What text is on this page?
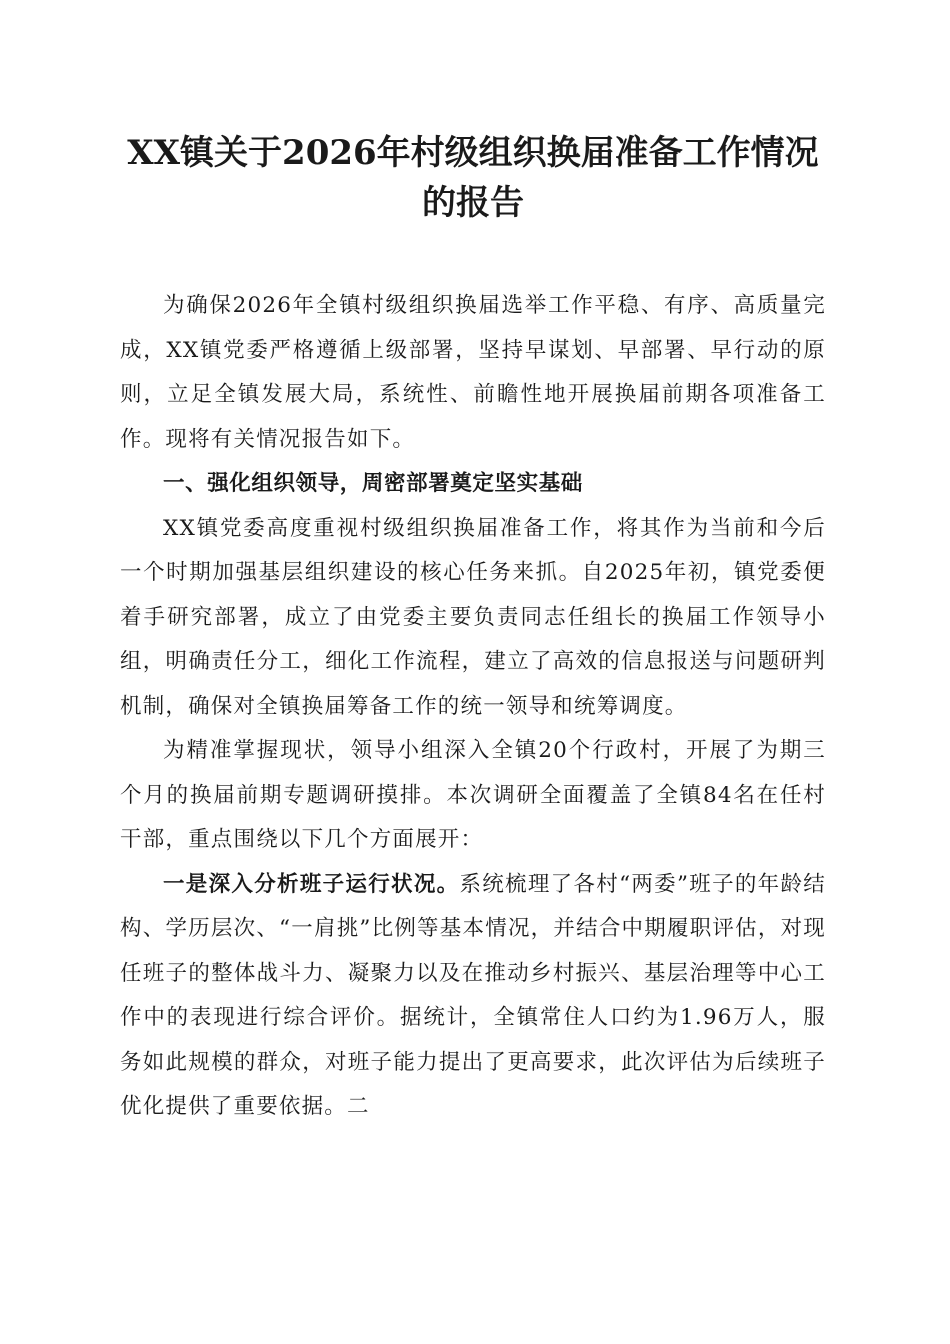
XX镇关于2026年村级组织换届准备工作情况的报告

为确保2026年全镇村级组织换届选举工作平稳、有序、高质量完成，XX镇党委严格遵循上级部署，坚持早谋划、早部署、早行动的原则，立足全镇发展大局，系统性、前瞻性地开展换届前期各项准备工作。现将有关情况报告如下。

一、强化组织领导，周密部署奠定坚实基础

XX镇党委高度重视村级组织换届准备工作，将其作为当前和今后一个时期加强基层组织建设的核心任务来抓。自2025年初，镇党委便着手研究部署，成立了由党委主要负责同志任组长的换届工作领导小组，明确责任分工，细化工作流程，建立了高效的信息报送与问题研判机制，确保对全镇换届筹备工作的统一领导和统筹调度。

为精准掌握现状，领导小组深入全镇20个行政村，开展了为期三个月的换届前期专题调研摸排。本次调研全面覆盖了全镇84名在任村干部，重点围绕以下几个方面展开：

一是深入分析班子运行状况。系统梳理了各村“两委”班子的年龄结构、学历层次、“一肩挑”比例等基本情况，并结合中期履职评估，对现任班子的整体战斗力、凝聚力以及在推动乡村振兴、基层治理等中心工作中的表现进行综合评价。据统计，全镇常住人口约为1.96万人，服务如此规模的群众，对班子能力提出了更高要求，此次评估为后续班子优化提供了重要依据。二
